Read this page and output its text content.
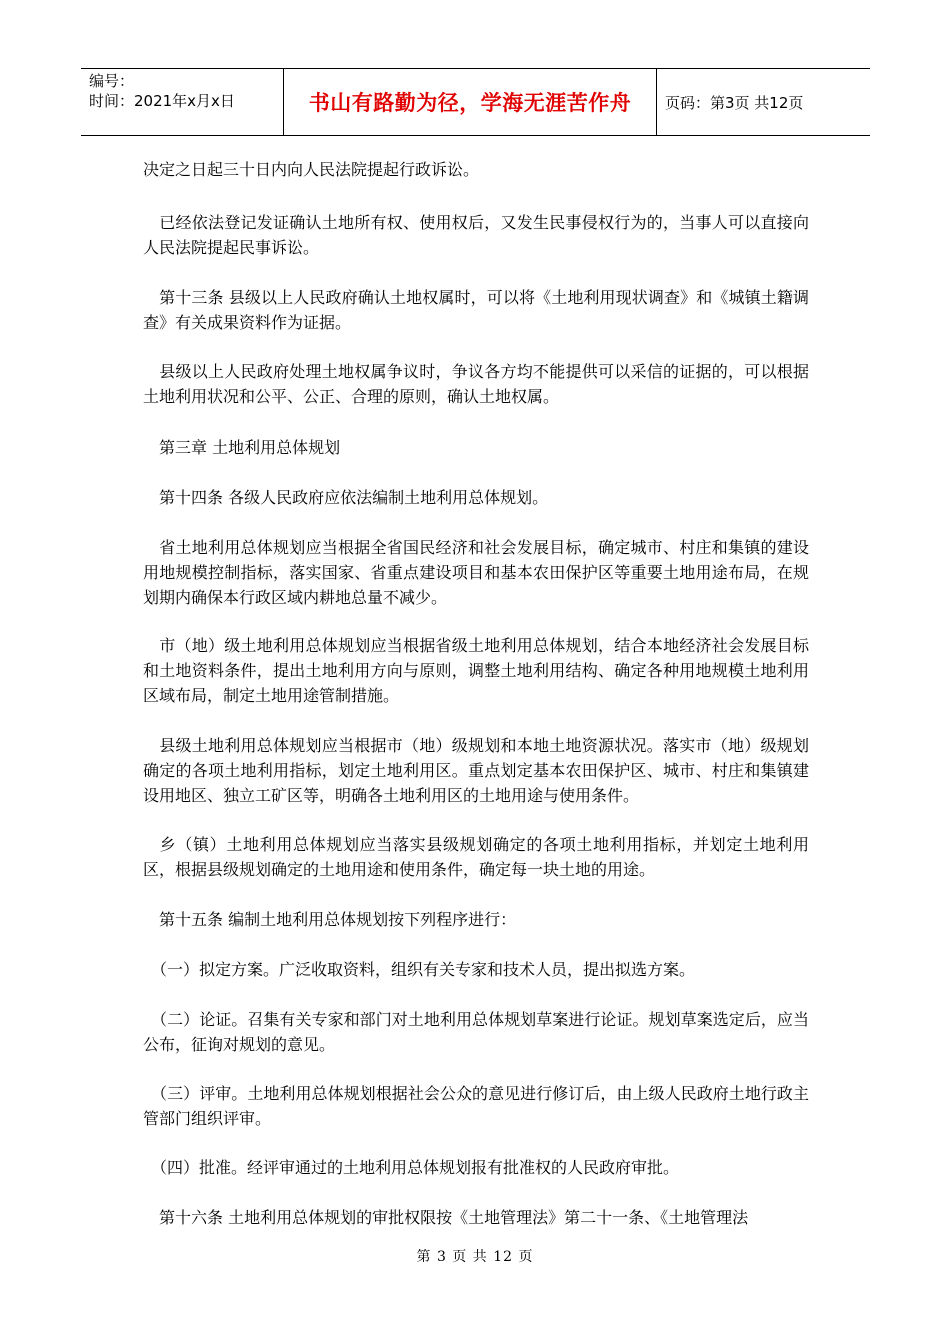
编号：
时间：2021年x月x日	书山有路勤为径，学海无涯苦作舟 页码：第3页 共12页

决定之日起三十日内向人民法院提起行政诉讼。

　已经依法登记发证确认土地所有权、使用权后，又发生民事侵权行为的，当事人可以直接向人民法院提起民事诉讼。

　第十三条 县级以上人民政府确认土地权属时，可以将《土地利用现状调查》和《城镇土籍调查》有关成果资料作为证据。

　县级以上人民政府处理土地权属争议时，争议各方均不能提供可以采信的证据的，可以根据土地利用状况和公平、公正、合理的原则，确认土地权属。

　第三章 土地利用总体规划

　第十四条 各级人民政府应依法编制土地利用总体规划。

　省土地利用总体规划应当根据全省国民经济和社会发展目标，确定城市、村庄和集镇的建设用地规模控制指标，落实国家、省重点建设项目和基本农田保护区等重要土地用途布局，在规划期内确保本行政区域内耕地总量不减少。

　市（地）级土地利用总体规划应当根据省级土地利用总体规划，结合本地经济社会发展目标和土地资料条件，提出土地利用方向与原则，调整土地利用结构、确定各种用地规模土地利用区域布局，制定土地用途管制措施。

　县级土地利用总体规划应当根据市（地）级规划和本地土地资源状况。落实市（地）级规划确定的各项土地利用指标，划定土地利用区。重点划定基本农田保护区、城市、村庄和集镇建设用地区、独立工矿区等，明确各土地利用区的土地用途与使用条件。

　乡（镇）土地利用总体规划应当落实县级规划确定的各项土地利用指标，并划定土地利用区，根据县级规划确定的土地用途和使用条件，确定每一块土地的用途。

　第十五条 编制土地利用总体规划按下列程序进行：

　（一）拟定方案。广泛收取资料，组织有关专家和技术人员，提出拟选方案。

　（二）论证。召集有关专家和部门对土地利用总体规划草案进行论证。规划草案选定后，应当公布，征询对规划的意见。

　（三）评审。土地利用总体规划根据社会公众的意见进行修订后，由上级人民政府土地行政主管部门组织评审。

　（四）批准。经评审通过的土地利用总体规划报有批准权的人民政府审批。

　第十六条 土地利用总体规划的审批权限按《土地管理法》第二十一条、《土地管理法

第 3 页 共 12 页
